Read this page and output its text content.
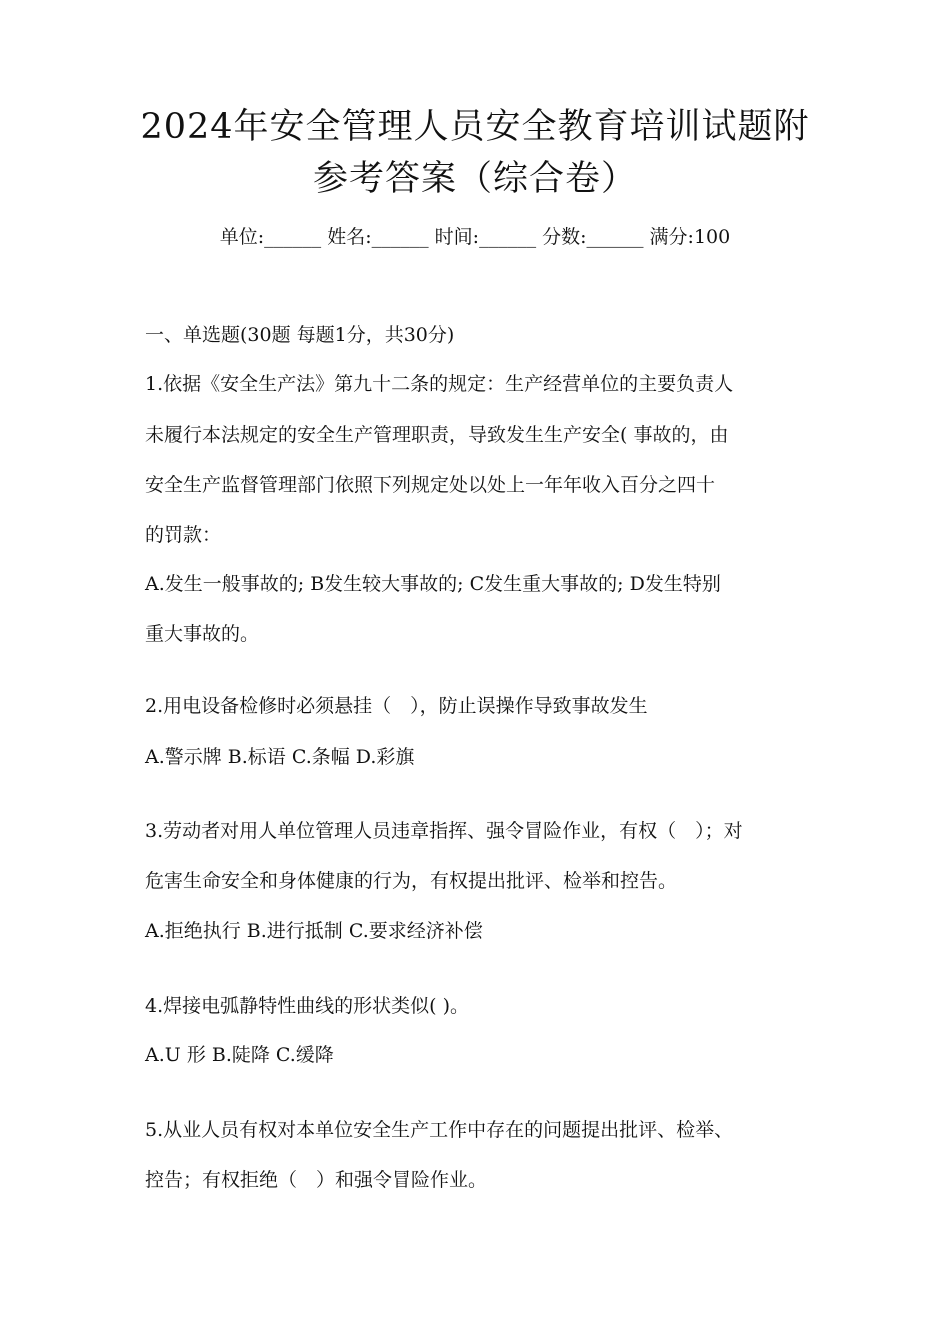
2024年安全管理人员安全教育培训试题附
参考答案（综合卷）
单位:______ 姓名:______ 时间:______ 分数:______ 满分:100
一、单选题(30题 每题1分，共30分)
1.依据《安全生产法》第九十二条的规定：生产经营单位的主要负责人
未履行本法规定的安全生产管理职责，导致发生生产安全( 事故的，由
安全生产监督管理部门依照下列规定处以处上一年年收入百分之四十
的罚款：
A.发生一般事故的; B发生较大事故的; C发生重大事故的; D发生特别
重大事故的。
2.用电设备检修时必须悬挂（　），防止误操作导致事故发生
A.警示牌 B.标语 C.条幅 D.彩旗
3.劳动者对用人单位管理人员违章指挥、强令冒险作业，有权（　）；对
危害生命安全和身体健康的行为，有权提出批评、检举和控告。
A.拒绝执行 B.进行抵制 C.要求经济补偿
4.焊接电弧静特性曲线的形状类似( )。
A.U 形 B.陡降 C.缓降
5.从业人员有权对本单位安全生产工作中存在的问题提出批评、检举、
控告；有权拒绝（　）和强令冒险作业。
